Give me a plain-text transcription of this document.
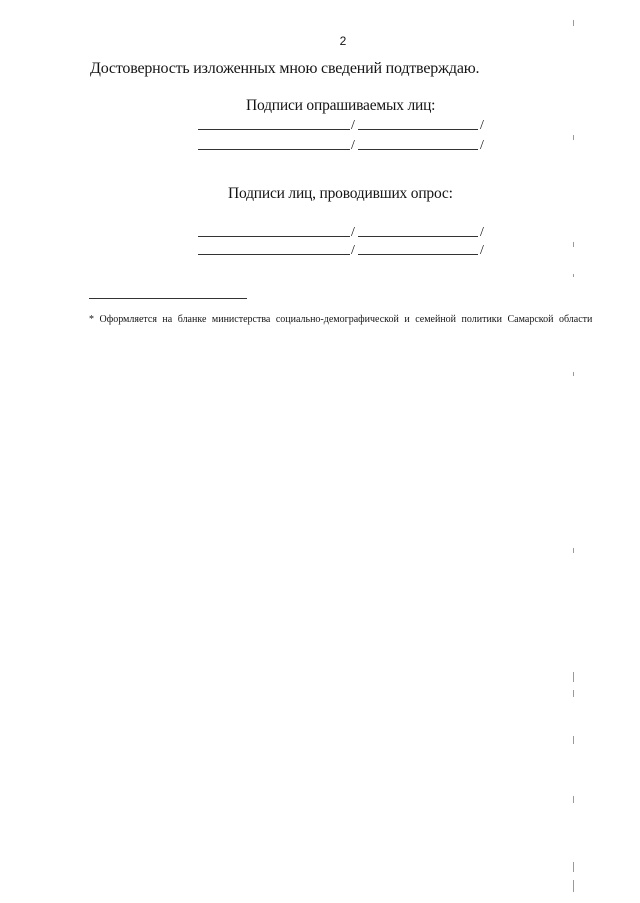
2
Достоверность изложенных мною сведений подтверждаю.
Подписи опрашиваемых лиц:
/	/
/	/
Подписи лиц, проводивших опрос:
/	/
/	/
* Оформляется на бланке министерства социально-демографической и семейной политики Самарской области
